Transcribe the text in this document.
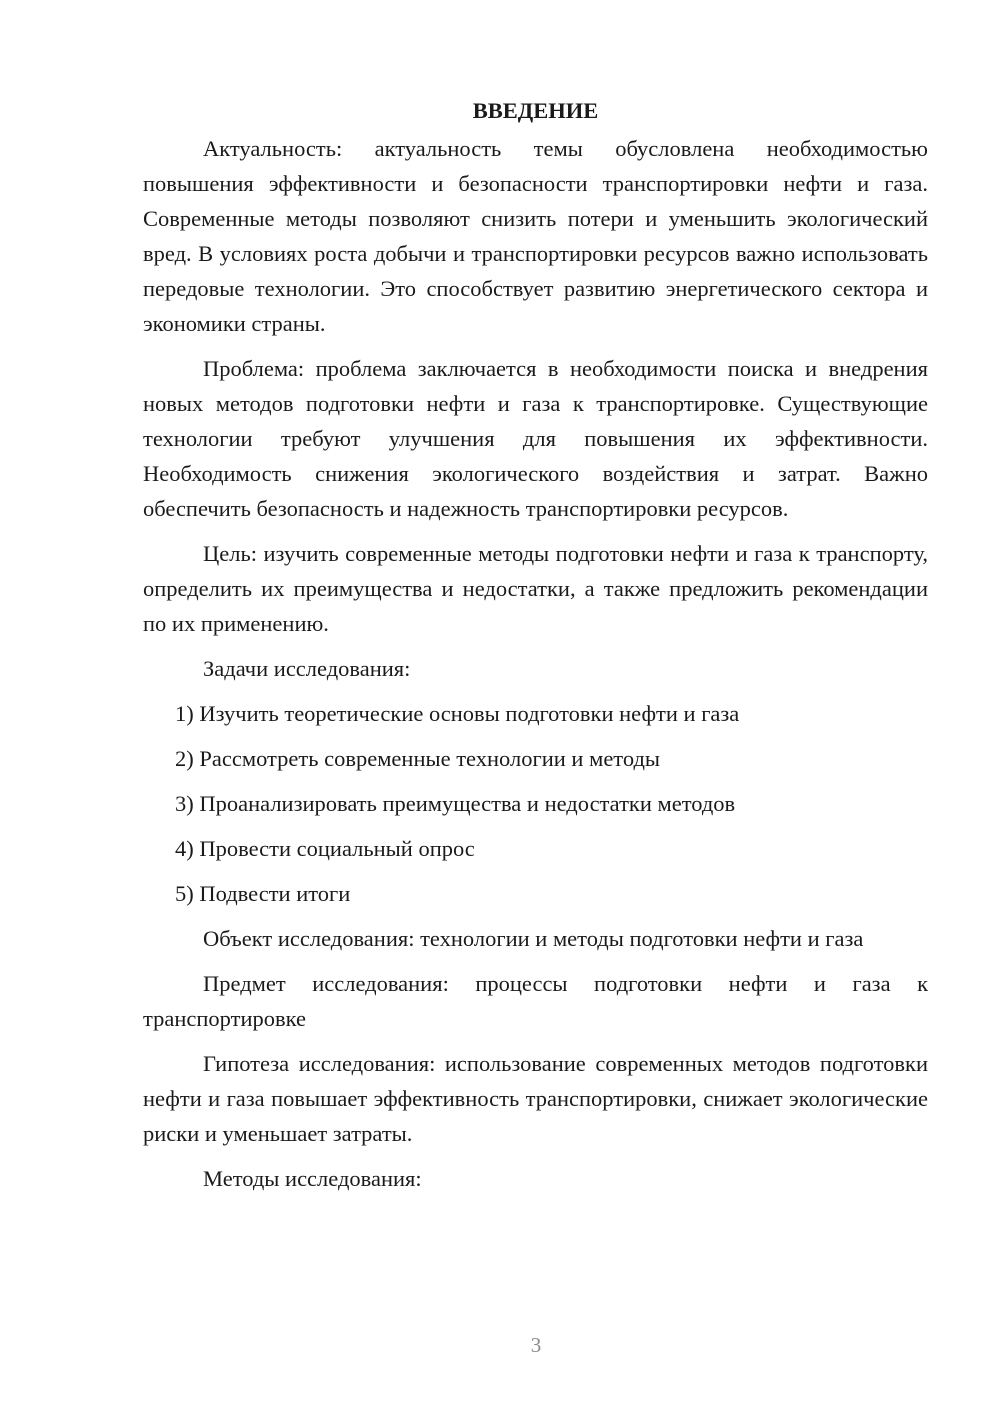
ВВЕДЕНИЕ

Актуальность: актуальность темы обусловлена необходимостью повышения эффективности и безопасности транспортировки нефти и газа. Современные методы позволяют снизить потери и уменьшить экологический вред. В условиях роста добычи и транспортировки ресурсов важно использовать передовые технологии. Это способствует развитию энергетического сектора и экономики страны.

Проблема: проблема заключается в необходимости поиска и внедрения новых методов подготовки нефти и газа к транспортировке. Существующие технологии требуют улучшения для повышения их эффективности. Необходимость снижения экологического воздействия и затрат. Важно обеспечить безопасность и надежность транспортировки ресурсов.

Цель: изучить современные методы подготовки нефти и газа к транспорту, определить их преимущества и недостатки, а также предложить рекомендации по их применению.

Задачи исследования:

1) Изучить теоретические основы подготовки нефти и газа
2) Рассмотреть современные технологии и методы
3) Проанализировать преимущества и недостатки методов
4) Провести социальный опрос
5) Подвести итоги

Объект исследования: технологии и методы подготовки нефти и газа

Предмет исследования: процессы подготовки нефти и газа к транспортировке

Гипотеза исследования: использование современных методов подготовки нефти и газа повышает эффективность транспортировки, снижает экологические риски и уменьшает затраты.

Методы исследования:

3
